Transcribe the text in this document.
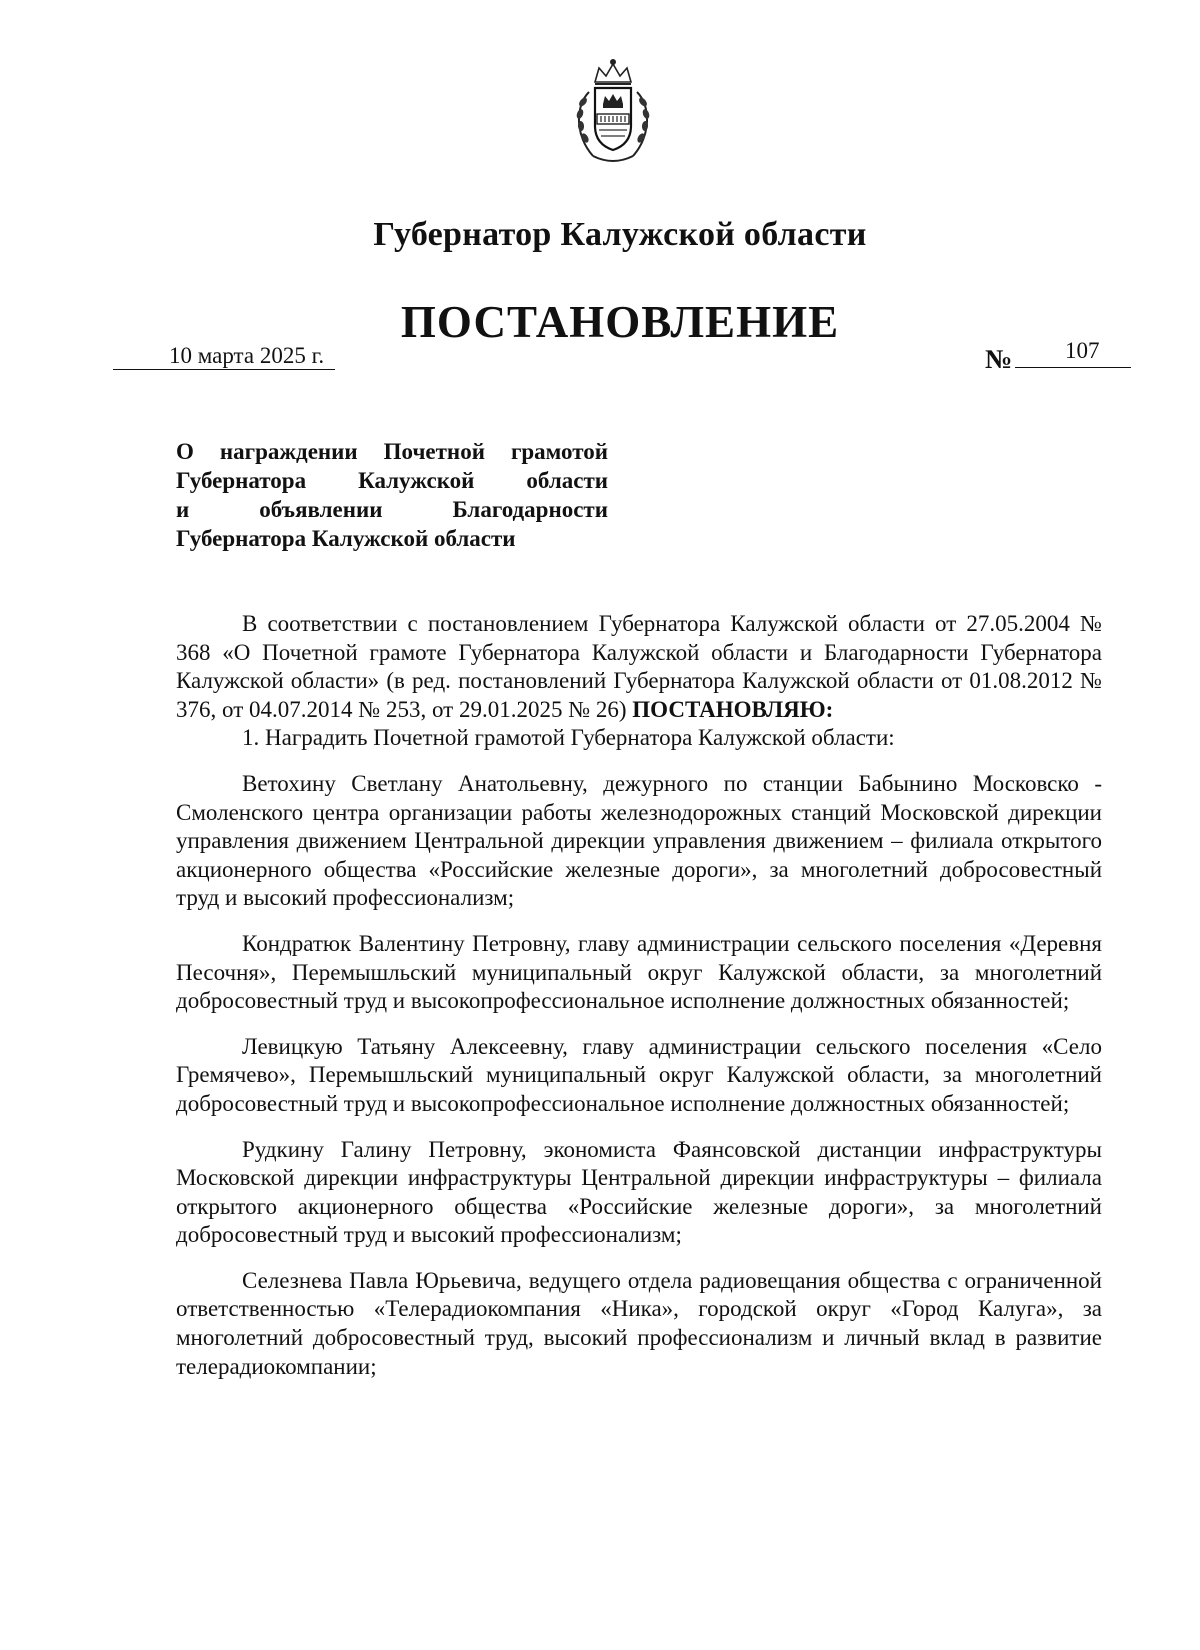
Губернатор Калужской области
ПОСТАНОВЛЕНИЕ
10 марта 2025 г.	№ 107
О награждении Почетной грамотой
Губернатора Калужской области
и объявлении Благодарности
Губернатора Калужской области

В соответствии с постановлением Губернатора Калужской области от 27.05.2004 № 368 «О Почетной грамоте Губернатора Калужской области и Благодарности Губернатора Калужской области» (в ред. постановлений Губернатора Калужской области от 01.08.2012 № 376, от 04.07.2014 № 253, от 29.01.2025 № 26) ПОСТАНОВЛЯЮ:

1. Наградить Почетной грамотой Губернатора Калужской области:

Ветохину Светлану Анатольевну, дежурного по станции Бабынино Московско - Смоленского центра организации работы железнодорожных станций Московской дирекции управления движением Центральной дирекции управления движением – филиала открытого акционерного общества «Российские железные дороги», за многолетний добросовестный труд и высокий профессионализм;

Кондратюк Валентину Петровну, главу администрации сельского поселения «Деревня Песочня», Перемышльский муниципальный округ Калужской области, за многолетний добросовестный труд и высокопрофессиональное исполнение должностных обязанностей;

Левицкую Татьяну Алексеевну, главу администрации сельского поселения «Село Гремячево», Перемышльский муниципальный округ Калужской области, за многолетний добросовестный труд и высокопрофессиональное исполнение должностных обязанностей;

Рудкину Галину Петровну, экономиста Фаянсовской дистанции инфраструктуры Московской дирекции инфраструктуры Центральной дирекции инфраструктуры – филиала открытого акционерного общества «Российские железные дороги», за многолетний добросовестный труд и высокий профессионализм;

Селезнева Павла Юрьевича, ведущего отдела радиовещания общества с ограниченной ответственностью «Телерадиокомпания «Ника», городской округ «Город Калуга», за многолетний добросовестный труд, высокий профессионализм и личный вклад в развитие телерадиокомпании;
